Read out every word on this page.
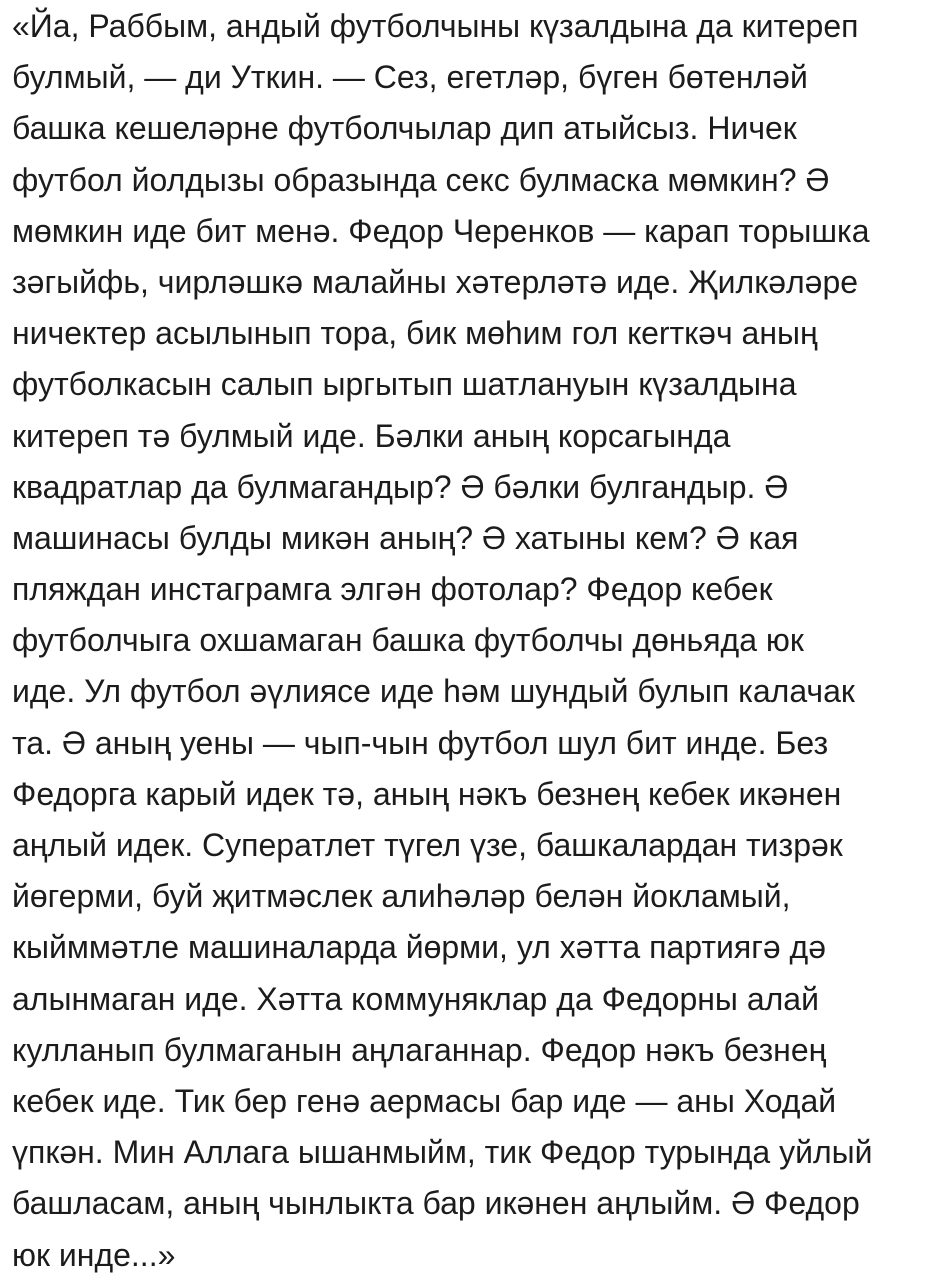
«Йа, Раббым, андый футболчыны күзалдына да китереп
булмый, — ди Уткин. — Сез, егетләр, бүген бөтенләй
башка кешеләрне футболчылар дип атыйсыз. Ничек
футбол йолдызы образында секс булмаска мөмкин? Ә
мөмкин иде бит менә. Федор Черенков — карап торышка
зәгыйфь, чирләшкә малайны хәтерләтә иде. Җилкәләре
ничектер асылынып тора, бик мөһим гол кerткәч аның
футболкасын салып ыргытып шатлануын күзалдына
китереп тә булмый иде. Бәлки аның корсагында
квадратлар да булмагандыр? Ә бәлки булгандыр. Ә
машинасы булды микән аның? Ә хатыны кем? Ә кая
пляждан инстаграмга элгән фотолар? Федор кебек
футболчыга охшамаган башка футболчы дөньяда юк
иде. Ул футбол әүлиясе иде һәм шундый булып калачак
та. Ә аның уены — чып-чын футбол шул бит инде. Без
Федорга карый идек тә, аның нәкъ безнең кебек икәнен
аңлый идек. Суператлет түгел үзе, башкалардан тизрәк
йөгерми, буй җитмәслек алиһәләр белән йокламый,
кыйммәтле машиналарда йөрми, ул хәтта партиягә дә
алынмаган иде. Хәтта коммуняклар да Федорны алай
кулланып булмаганын аңлаганнар. Федор нәкъ безнең
кебек иде. Тик бер генә аермасы бар иде — аны Ходай
үпкән. Мин Аллага ышанмыйм, тик Федор турында уйлый
башласам, аның чынлыкта бар икәнен аңлыйм. Ә Федор
юк инде...»
